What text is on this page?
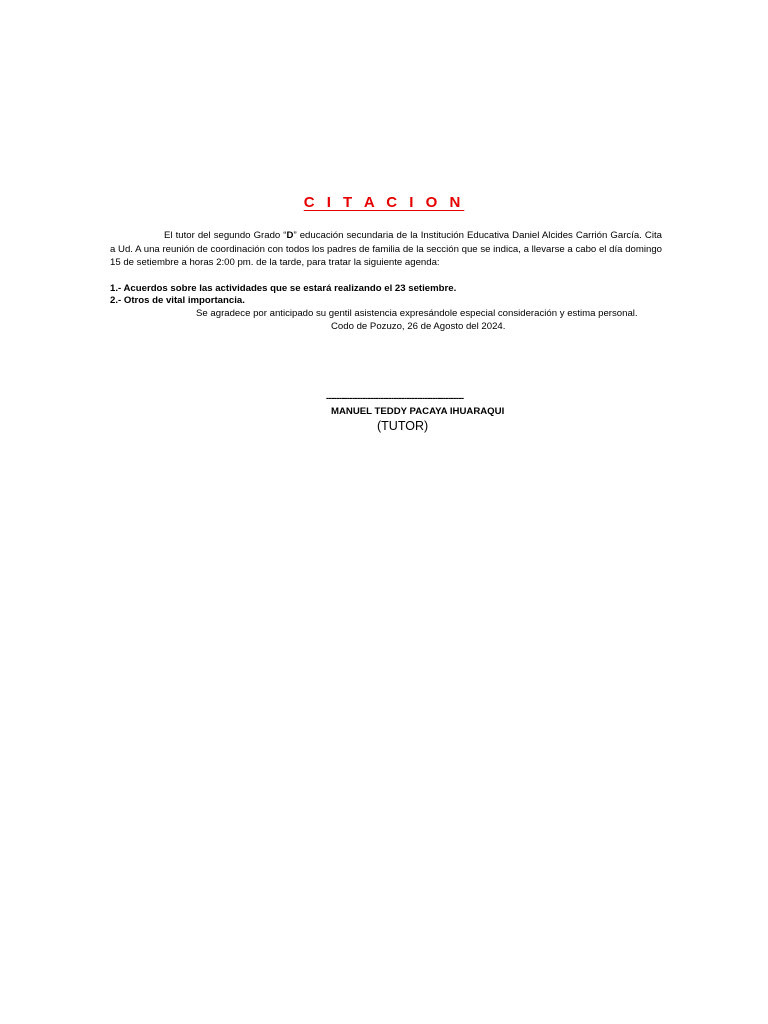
C I T A C I O N

El tutor del segundo Grado “D” educación secundaria de la Institución Educativa Daniel Alcides Carrión García. Cita a Ud. A una reunión de coordinación con todos los padres de familia de la sección que se indica, a llevarse a cabo el día domingo 15 de setiembre a horas 2:00 pm. de la tarde, para tratar la siguiente agenda:

1.- Acuerdos sobre las actividades que se estará realizando el 23 setiembre.
2.- Otros de vital importancia.

Se agradece por anticipado su gentil asistencia expresándole especial consideración y estima personal.

Codo de Pozuzo, 26 de Agosto del 2024.

-----------------------------------------------------
MANUEL TEDDY PACAYA IHUARAQUI
(TUTOR)
